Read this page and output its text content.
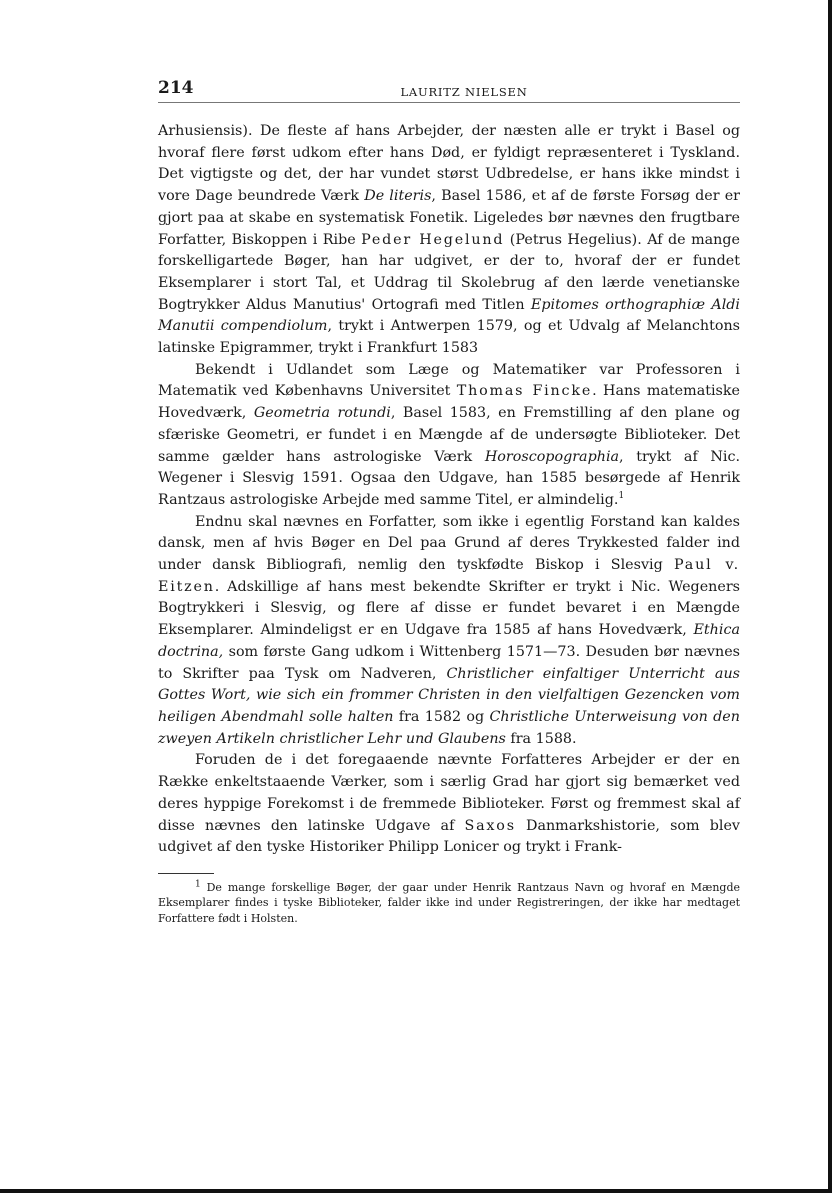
214	LAURITZ NIELSEN

Arhusiensis). De fleste af hans Arbejder, der næsten alle er trykt i Basel og hvoraf flere først udkom efter hans Død, er fyldigt repræsenteret i Tyskland. Det vigtigste og det, der har vundet størst Udbredelse, er hans ikke mindst i vore Dage beundrede Værk De literis, Basel 1586, et af de første Forsøg der er gjort paa at skabe en systematisk Fonetik. Ligeledes bør nævnes den frugtbare Forfatter, Biskoppen i Ribe Peder Hegelund (Petrus Hegelius). Af de mange forskelligartede Bøger, han har udgivet, er der to, hvoraf der er fundet Eksemplarer i stort Tal, et Uddrag til Skolebrug af den lærde venetianske Bogtrykker Aldus Manutius' Ortografi med Titlen Epitomes orthographiæ Aldi Manutii compendiolum, trykt i Antwerpen 1579, og et Udvalg af Melanchtons latinske Epigrammer, trykt i Frankfurt 1583

Bekendt i Udlandet som Læge og Matematiker var Professoren i Matematik ved Københavns Universitet Thomas Fincke. Hans matematiske Hovedværk, Geometria rotundi, Basel 1583, en Fremstilling af den plane og sfæriske Geometri, er fundet i en Mængde af de undersøgte Biblioteker. Det samme gælder hans astrologiske Værk Horoscopographia, trykt af Nic. Wegener i Slesvig 1591. Ogsaa den Udgave, han 1585 besørgede af Henrik Rantzaus astrologiske Arbejde med samme Titel, er almindelig.$^1$

Endnu skal nævnes en Forfatter, som ikke i egentlig Forstand kan kaldes dansk, men af hvis Bøger en Del paa Grund af deres Trykkested falder ind under dansk Bibliografi, nemlig den tyskfødte Biskop i Slesvig Paul v. Eitzen. Adskillige af hans mest bekendte Skrifter er trykt i Nic. Wegeners Bogtrykkeri i Slesvig, og flere af disse er fundet bevaret i en Mængde Eksemplarer. Almindeligst er en Udgave fra 1585 af hans Hovedværk, Ethica doctrina, som første Gang udkom i Wittenberg 1571—73. Desuden bør nævnes to Skrifter paa Tysk om Nadveren, Christlicher einfaltiger Unterricht aus Gottes Wort, wie sich ein frommer Christen in den vielfaltigen Gezencken vom heiligen Abendmahl solle halten fra 1582 og Christliche Unterweisung von den zweyen Artikeln christlicher Lehr und Glaubens fra 1588.

Foruden de i det foregaaende nævnte Forfatteres Arbejder er der en Række enkeltstaaende Værker, som i særlig Grad har gjort sig bemærket ved deres hyppige Forekomst i de fremmede Biblioteker. Først og fremmest skal af disse nævnes den latinske Udgave af Saxos Danmarkshistorie, som blev udgivet af den tyske Historiker Philipp Lonicer og trykt i Frank-

$^1$ De mange forskellige Bøger, der gaar under Henrik Rantzaus Navn og hvoraf en Mængde Eksemplarer findes i tyske Biblioteker, falder ikke ind under Registreringen, der ikke har medtaget Forfattere født i Holsten.
